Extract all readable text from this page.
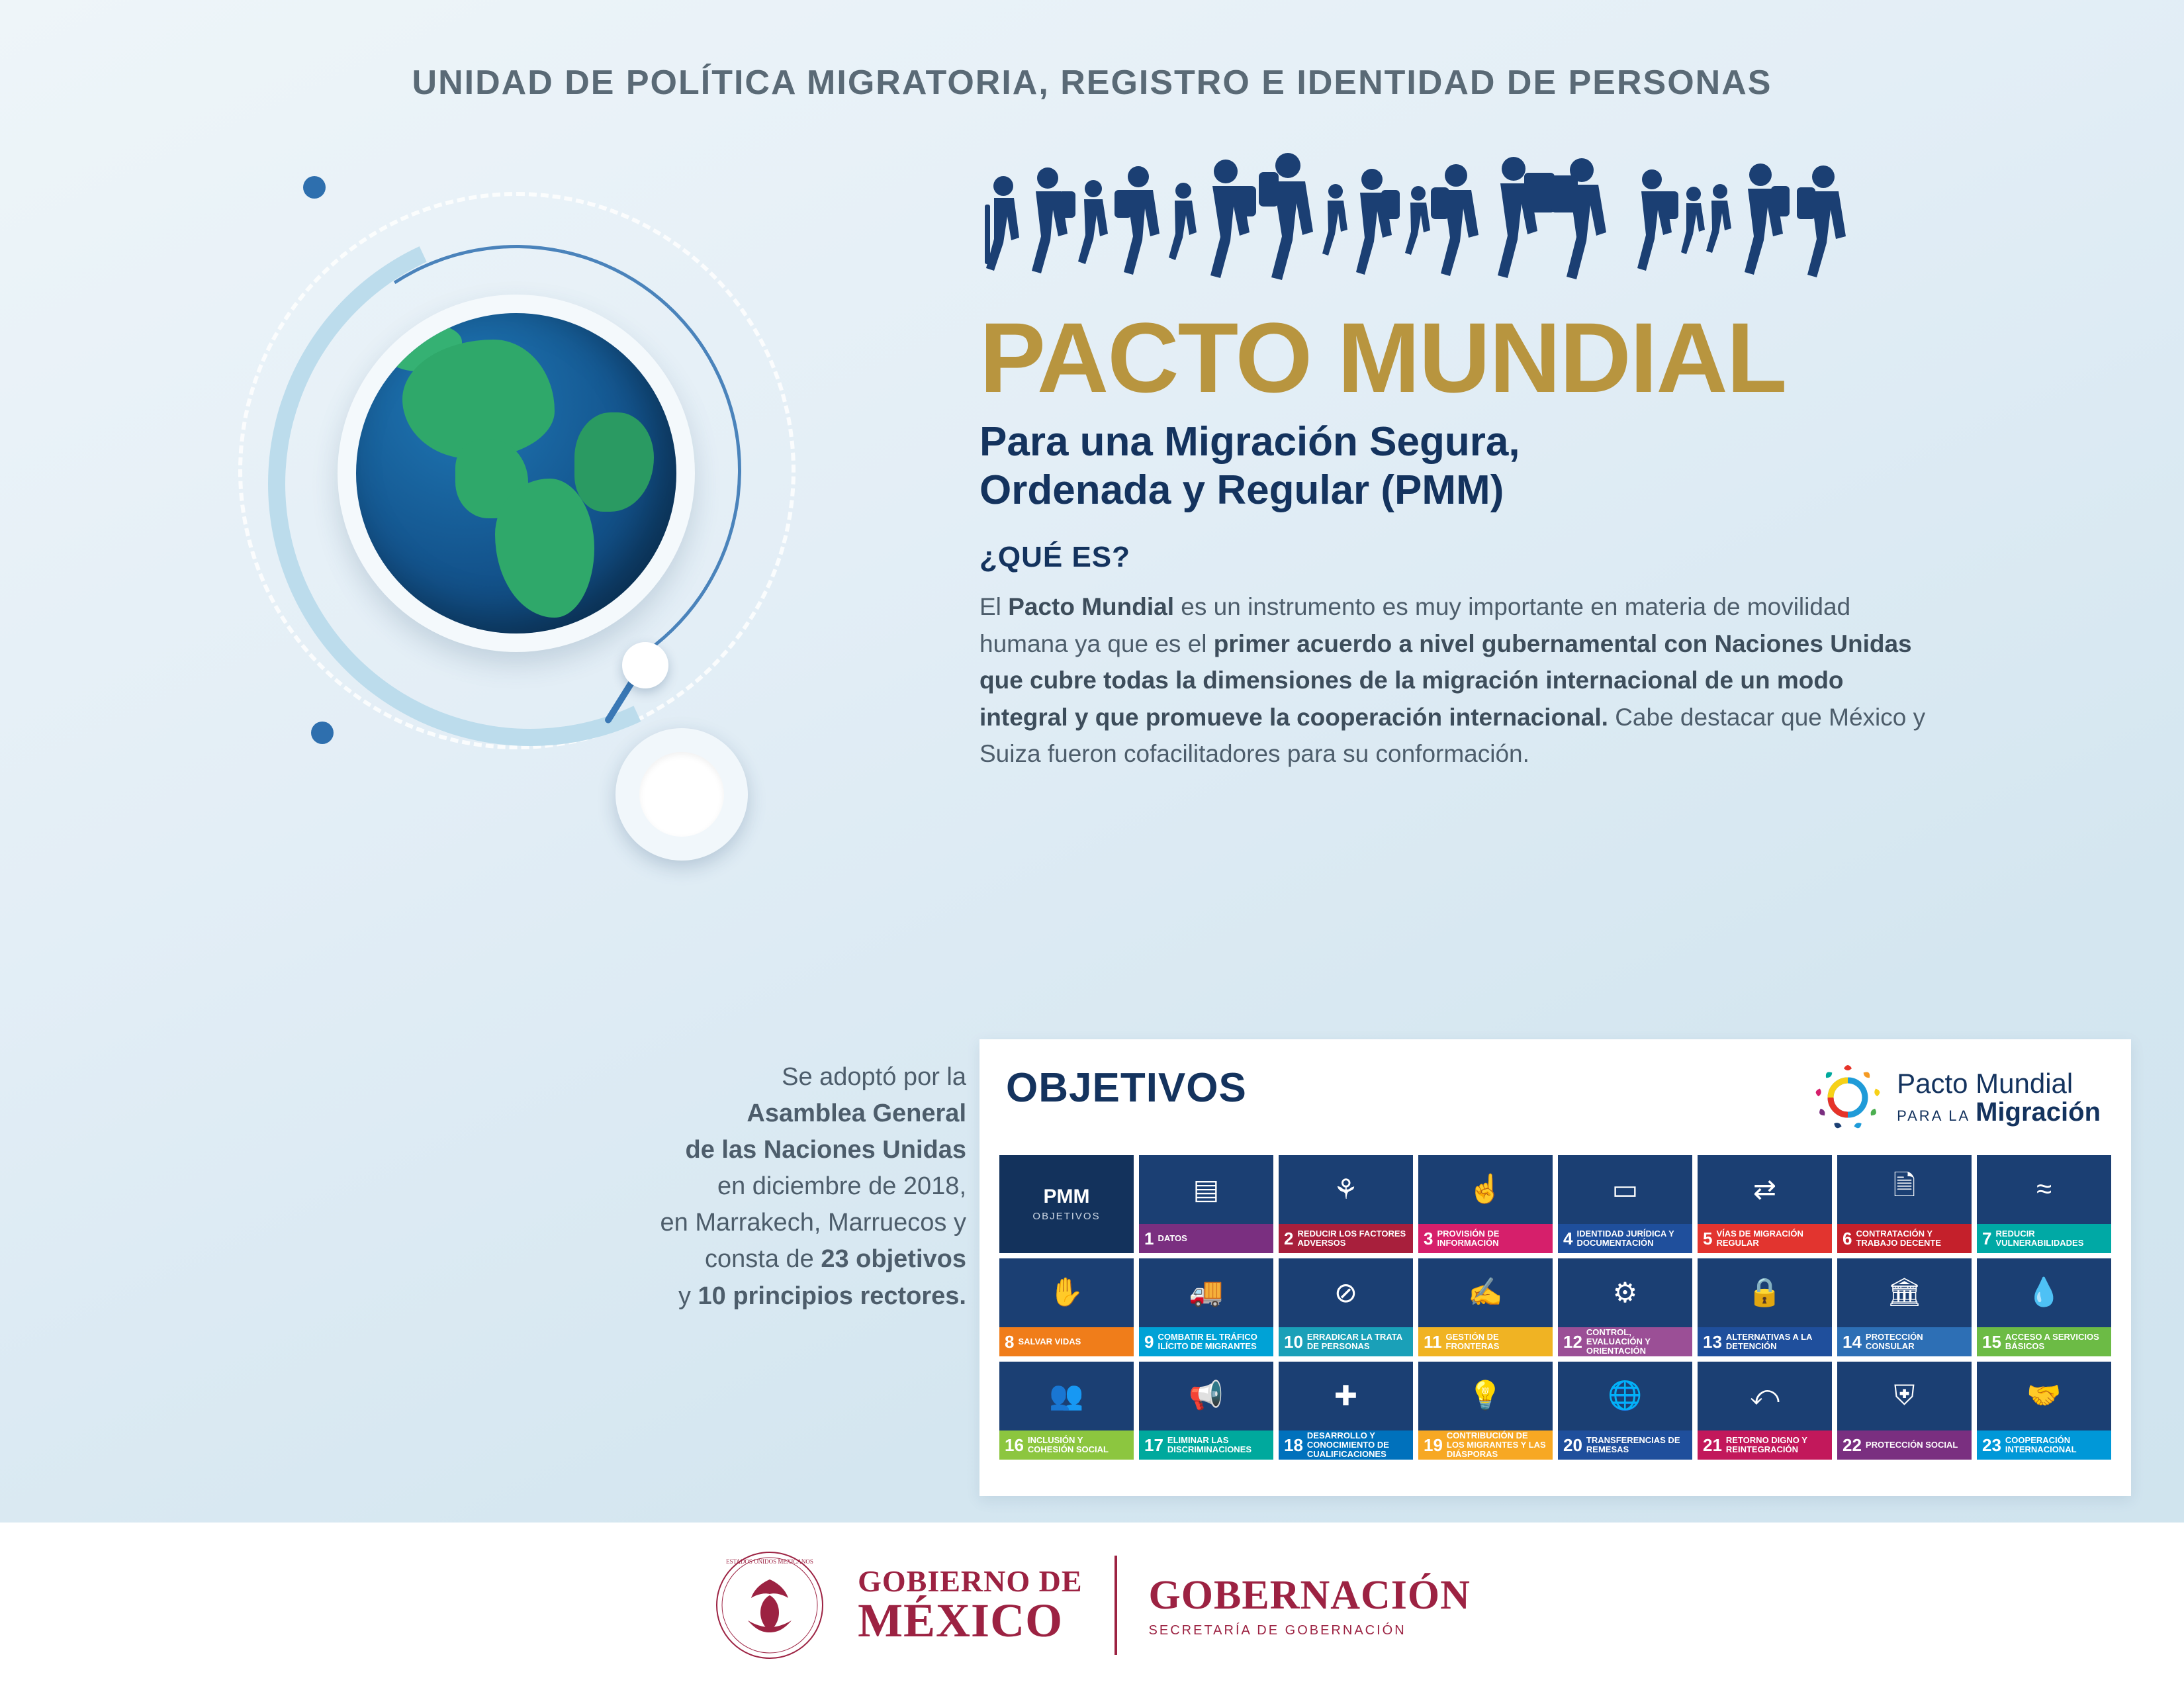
UNIDAD DE POLÍTICA MIGRATORIA, REGISTRO E IDENTIDAD DE PERSONAS
Se adoptó por la
Asamblea General
de las Naciones Unidas
en diciembre de 2018,
en Marrakech, Marruecos y
consta de 23 objetivos
y 10 principios rectores.
PACTO MUNDIAL
Para una Migración Segura,
Ordenada y Regular (PMM)
¿QUÉ ES?
El Pacto Mundial es un instrumento es muy importante en materia de movilidad humana ya que es el primer acuerdo a nivel gubernamental con Naciones Unidas que cubre todas la dimensiones de la migración internacional de un modo integral y que promueve la cooperación internacional. Cabe destacar que México y Suiza fueron cofacilitadores para su conformación.
OBJETIVOS	Pacto Mundial
PARA LA Migración
PMM
OBJETIVOS
▤
1 DATOS
⚘
2 REDUCIR LOS FACTORES ADVERSOS
☝
3 PROVISIÓN DE INFORMACIÓN
▭
4 IDENTIDAD JURÍDICA Y DOCUMENTACIÓN
⇄
5 VÍAS DE MIGRACIÓN REGULAR
🗎
6 CONTRATACIÓN Y TRABAJO DECENTE
≈
7 REDUCIR VULNERABILIDADES
✋
8 SALVAR VIDAS
🚚
9 COMBATIR EL TRÁFICO ILÍCITO DE MIGRANTES
⊘
10 ERRADICAR LA TRATA DE PERSONAS
✍
11 GESTIÓN DE FRONTERAS
⚙
12 CONTROL, EVALUACIÓN Y ORIENTACIÓN
🔒
13 ALTERNATIVAS A LA DETENCIÓN
🏛
14 PROTECCIÓN CONSULAR
💧
15 ACCESO A SERVICIOS BÁSICOS
👥
16 INCLUSIÓN Y COHESIÓN SOCIAL
📢
17 ELIMINAR LAS DISCRIMINACIONES
✚
18 DESARROLLO Y CONOCIMIENTO DE CUALIFICACIONES
💡
19 CONTRIBUCIÓN DE LOS MIGRANTES Y LAS DIÁSPORAS
🌐
20 TRANSFERENCIAS DE REMESAS
⤺
21 RETORNO DIGNO Y REINTEGRACIÓN
⛨
22 PROTECCIÓN SOCIAL
🤝
23 COOPERACIÓN INTERNACIONAL
ESTADOS UNIDOS MEXICANOS
GOBIERNO DE
MÉXICO	GOBERNACIÓN
SECRETARÍA DE GOBERNACIÓN
